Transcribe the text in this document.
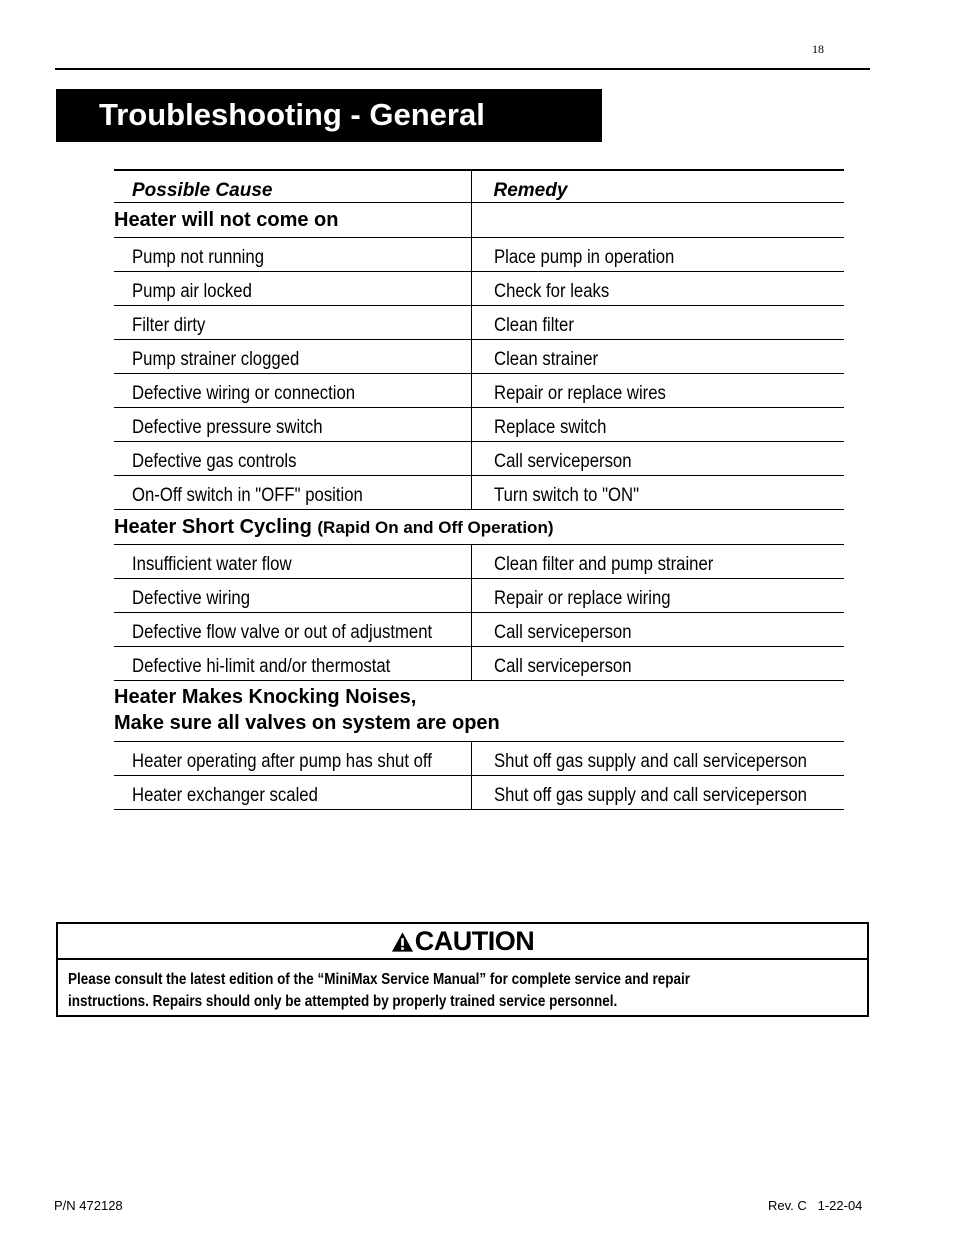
18
Troubleshooting - General
Possible Cause	Remedy
Heater will not come on	
Pump not running	Place pump in operation
Pump air locked	Check for leaks
Filter dirty	Clean filter
Pump strainer clogged	Clean strainer
Defective wiring or connection	Repair or replace wires
Defective pressure switch	Replace switch
Defective gas controls	Call serviceperson
On-Off switch in "OFF" position	Turn switch to "ON"
Heater Short Cycling (Rapid On and Off Operation)	
Insufficient water flow	Clean filter and pump strainer
Defective wiring	Repair or replace wiring
Defective flow valve or out of adjustment	Call serviceperson
Defective hi-limit and/or thermostat	Call serviceperson
Heater Makes Knocking Noises,
Make sure all valves on system are open	
Heater operating after pump has shut off	Shut off gas supply and call serviceperson
Heater exchanger scaled	Shut off gas supply and call serviceperson
CAUTION
Please consult the latest edition of the “MiniMax Service Manual” for complete service and repair
instructions. Repairs should only be attempted by properly trained service personnel.
P/N 472128	Rev. C   1-22-04
